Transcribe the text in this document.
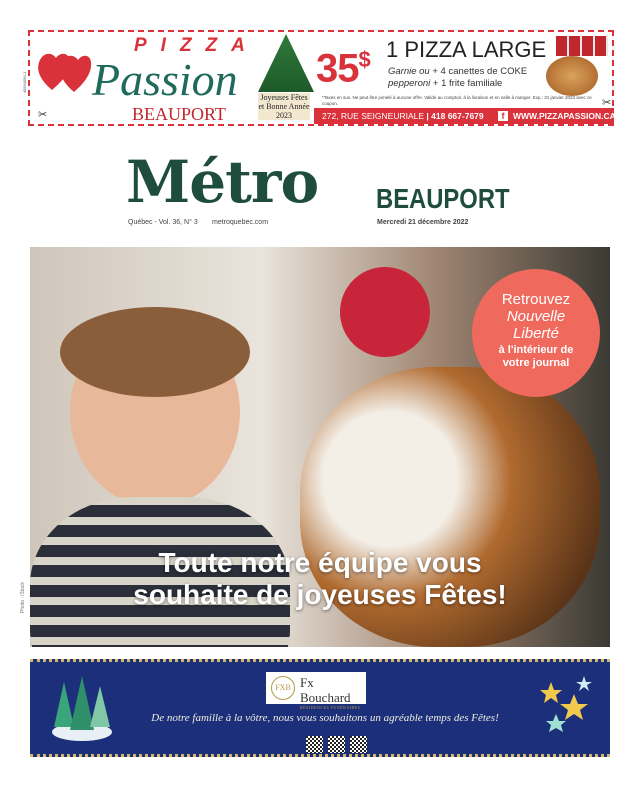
PIZZA
Passion
BEAUPORT
Joyeuses Fêtes et Bonne Année 2023
35$ 1 PIZZA LARGE
Garnie ou + 4 canettes de COKE
pepperoni + 1 frite familiale
*Taxes en sus. Ne peut être jumelé à aucune offre. Valide au comptoir, à la livraison et en salle à manger. Exp.: 31 janvier 2023 avec ce coupon.
272, RUE SEIGNEURIALE | 418 667-7679 f WWW.PIZZAPASSION.CA
40564056-1
✂
✂
Métro BEAUPORT
Québec - Vol. 36, N° 3 metroquebec.com	Mercredi 21 décembre 2022
Retrouvez
Nouvelle
Liberté
à l'intérieur de
votre journal
Toute notre équipe vous
souhaite de joyeuses Fêtes!
Photo : iStock
FXB Fx Bouchard
RÉSIDENCES FUNÉRAIRES
De notre famille à la vôtre, nous vous souhaitons un agréable temps des Fêtes!
